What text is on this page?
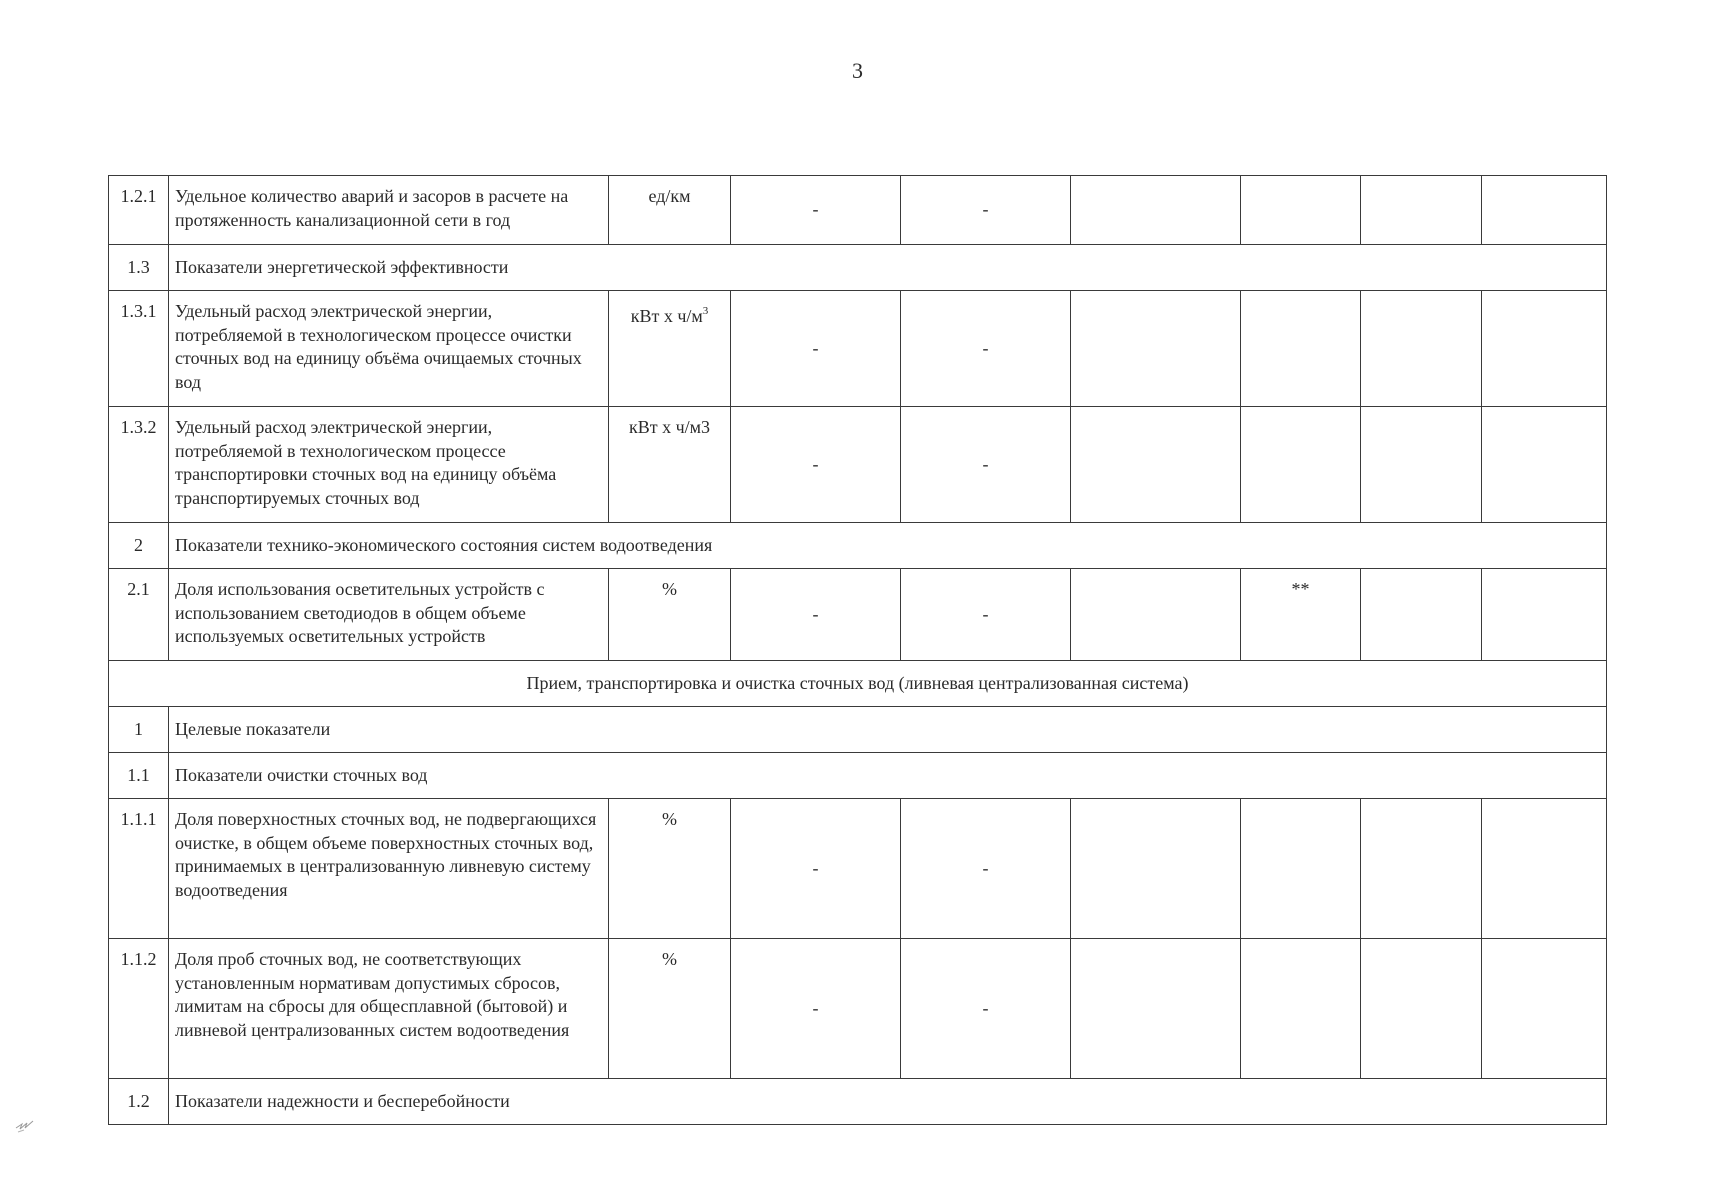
3
1.2.1	Удельное количество аварий и засоров в расчете на протяженность канализационной сети в год	ед/км	-	-				
1.3	Показатели энергетической эффективности							
1.3.1	Удельный расход электрической энергии, потребляемой в технологическом процессе очистки сточных вод на единицу объёма очищаемых сточных вод	кВт х $ч/м^3$	-	-				
1.3.2	Удельный расход электрической энергии, потребляемой в технологическом процессе транспортировки сточных вод на единицу объёма транспортируемых сточных вод	кВт х ч/м3	-	-				
2	Показатели технико-экономического состояния систем водоотведения							
2.1	Доля использования осветительных устройств с использованием светодиодов в общем объеме используемых осветительных устройств	%	-	-		**		
Прием, транспортировка и очистка сточных вод (ливневая централизованная система)								
1	Целевые показатели							
1.1	Показатели очистки сточных вод							
1.1.1	Доля поверхностных сточных вод, не подвергающихся очистке, в общем объеме поверхностных сточных вод, принимаемых в централизованную ливневую систему водоотведения	%	-	-				
1.1.2	Доля проб сточных вод, не соответствующих установленным нормативам допустимых сбросов, лимитам на сбросы для общесплавной (бытовой) и ливневой централизованных систем водоотведения	%	-	-				
1.2	Показатели надежности и бесперебойности							
